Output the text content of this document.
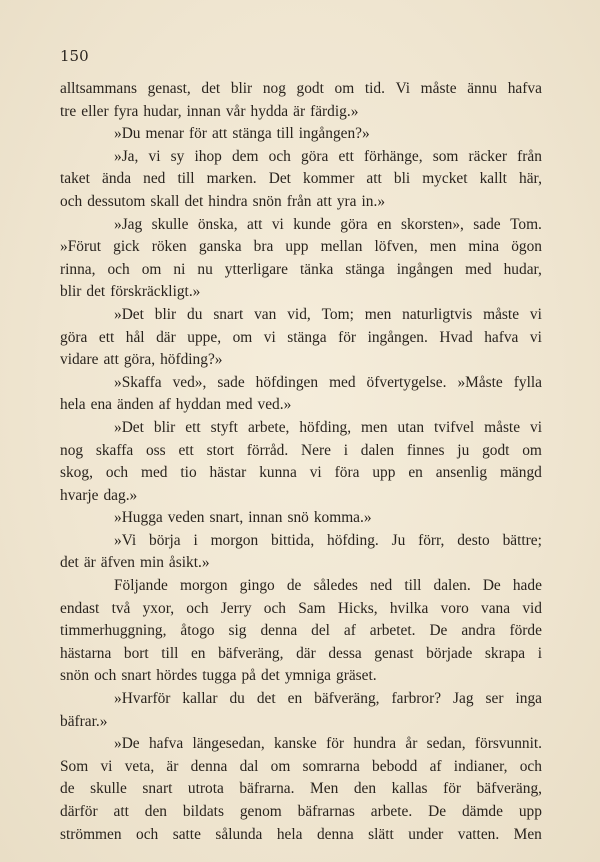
150

alltsammans genast, det blir nog godt om tid. Vi måste ännu hafva
tre eller fyra hudar, innan vår hydda är färdig.»
»Du menar för att stänga till ingången?»
»Ja, vi sy ihop dem och göra ett förhänge, som räcker från
taket ända ned till marken. Det kommer att bli mycket kallt här,
och dessutom skall det hindra snön från att yra in.»
»Jag skulle önska, att vi kunde göra en skorsten», sade Tom.
»Förut gick röken ganska bra upp mellan löfven, men mina ögon
rinna, och om ni nu ytterligare tänka stänga ingången med hudar,
blir det förskräckligt.»
»Det blir du snart van vid, Tom; men naturligtvis måste vi
göra ett hål där uppe, om vi stänga för ingången. Hvad hafva vi
vidare att göra, höfding?»
»Skaffa ved», sade höfdingen med öfvertygelse. »Måste fylla
hela ena änden af hyddan med ved.»
»Det blir ett styft arbete, höfding, men utan tvifvel måste vi
nog skaffa oss ett stort förråd. Nere i dalen finnes ju godt om
skog, och med tio hästar kunna vi föra upp en ansenlig mängd
hvarje dag.»
»Hugga veden snart, innan snö komma.»
»Vi börja i morgon bittida, höfding. Ju förr, desto bättre;
det är äfven min åsikt.»
Följande morgon gingo de således ned till dalen. De hade
endast två yxor, och Jerry och Sam Hicks, hvilka voro vana vid
timmerhuggning, åtogo sig denna del af arbetet. De andra förde
hästarna bort till en bäfveräng, där dessa genast började skrapa i
snön och snart hördes tugga på det ymniga gräset.
»Hvarför kallar du det en bäfveräng, farbror? Jag ser inga
bäfrar.»
»De hafva längesedan, kanske för hundra år sedan, försvunnit.
Som vi veta, är denna dal om somrarna bebodd af indianer, och
de skulle snart utrota bäfrarna. Men den kallas för bäfveräng,
därför att den bildats genom bäfrarnas arbete. De dämde upp
strömmen och satte sålunda hela denna slätt under vatten. Men
